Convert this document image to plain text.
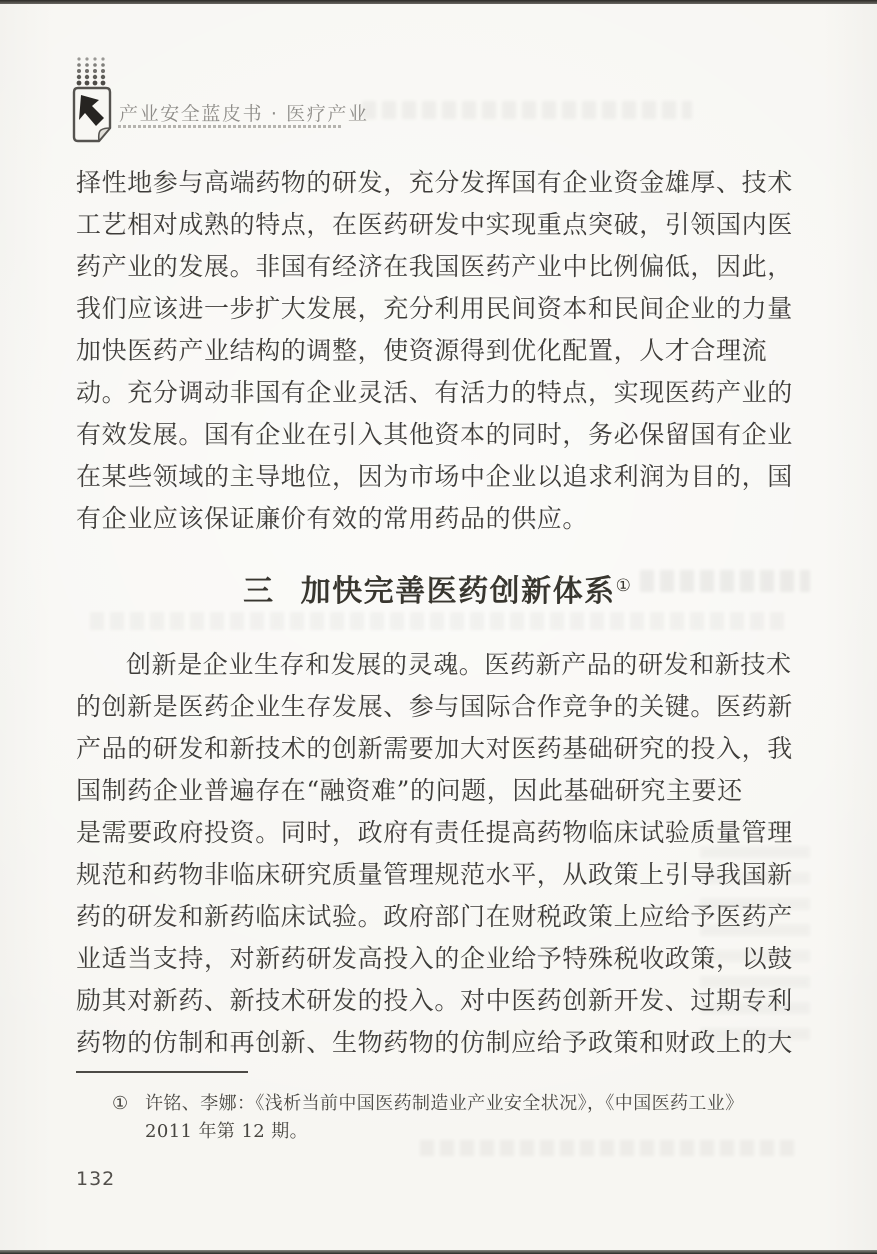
产业安全蓝皮书 · 医疗产业
择性地参与高端药物的研发，充分发挥国有企业资金雄厚、技术
工艺相对成熟的特点，在医药研发中实现重点突破，引领国内医
药产业的发展。非国有经济在我国医药产业中比例偏低，因此，
我们应该进一步扩大发展，充分利用民间资本和民间企业的力量
加快医药产业结构的调整，使资源得到优化配置，人才合理流
动。充分调动非国有企业灵活、有活力的特点，实现医药产业的
有效发展。国有企业在引入其他资本的同时，务必保留国有企业
在某些领域的主导地位，因为市场中企业以追求利润为目的，国
有企业应该保证廉价有效的常用药品的供应。
三 加快完善医药创新体系①
创新是企业生存和发展的灵魂。医药新产品的研发和新技术
的创新是医药企业生存发展、参与国际合作竞争的关键。医药新
产品的研发和新技术的创新需要加大对医药基础研究的投入，我
国制药企业普遍存在“融资难”的问题，因此基础研究主要还
是需要政府投资。同时，政府有责任提高药物临床试验质量管理
规范和药物非临床研究质量管理规范水平，从政策上引导我国新
药的研发和新药临床试验。政府部门在财税政策上应给予医药产
业适当支持，对新药研发高投入的企业给予特殊税收政策，以鼓
励其对新药、新技术研发的投入。对中医药创新开发、过期专利
药物的仿制和再创新、生物药物的仿制应给予政策和财政上的大
① 许铭、李娜：《浅析当前中国医药制造业产业安全状况》，《中国医药工业》
2011 年第 12 期。
132
